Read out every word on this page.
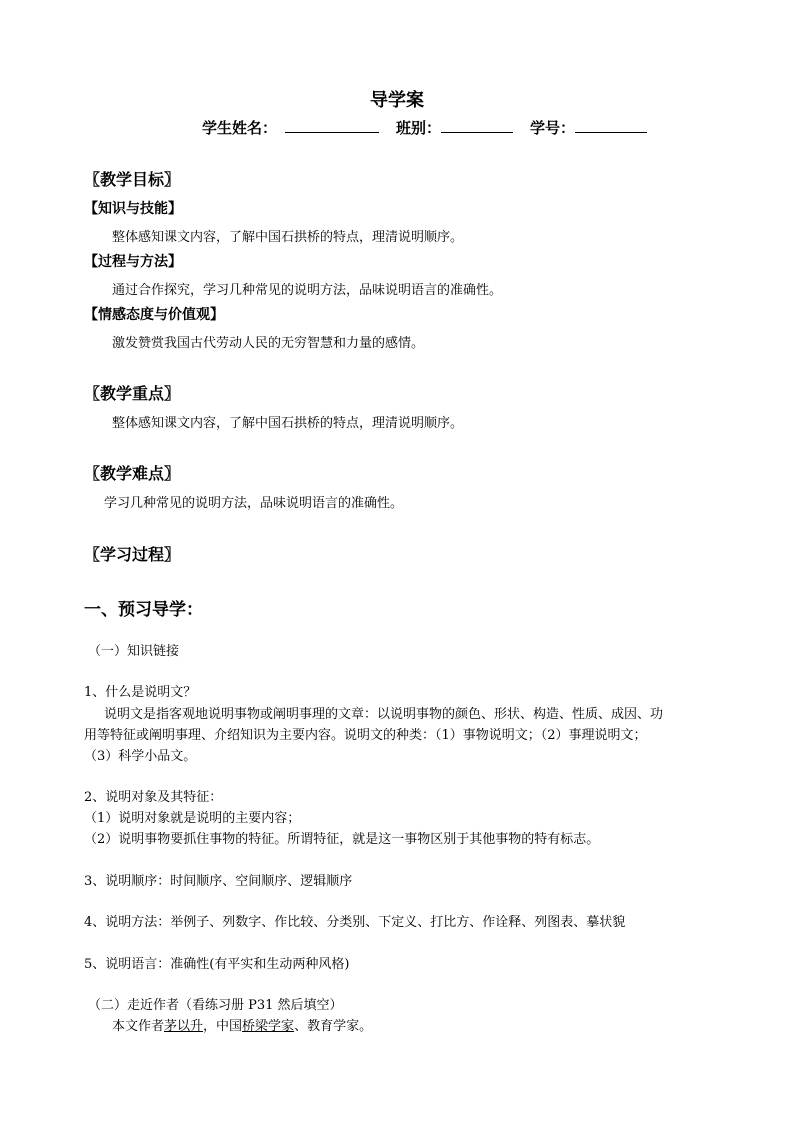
导学案
学生姓名：	班别：	学号：
〖教学目标〗
【知识与技能】
整体感知课文内容，了解中国石拱桥的特点，理清说明顺序。
【过程与方法】
通过合作探究，学习几种常见的说明方法，品味说明语言的准确性。
【情感态度与价值观】
激发赞赏我国古代劳动人民的无穷智慧和力量的感情。
〖教学重点〗
整体感知课文内容，了解中国石拱桥的特点，理清说明顺序。
〖教学难点〗
学习几种常见的说明方法，品味说明语言的准确性。
〖学习过程〗
一、预习导学：
（一）知识链接
1、什么是说明文？
说明文是指客观地说明事物或阐明事理的文章：以说明事物的颜色、形状、构造、性质、成因、功
用等特征或阐明事理、介绍知识为主要内容。说明文的种类：（1）事物说明文；（2）事理说明文；
（3）科学小品文。
2、说明对象及其特征：
（1）说明对象就是说明的主要内容；
（2）说明事物要抓住事物的特征。所谓特征，就是这一事物区别于其他事物的特有标志。
3、说明顺序：时间顺序、空间顺序、逻辑顺序
4、说明方法：举例子、列数字、作比较、分类别、下定义、打比方、作诠释、列图表、摹状貌
5、说明语言：准确性(有平实和生动两种风格)
（二）走近作者（看练习册 P31 然后填空）
本文作者茅以升，中国桥梁学家、教育学家。
